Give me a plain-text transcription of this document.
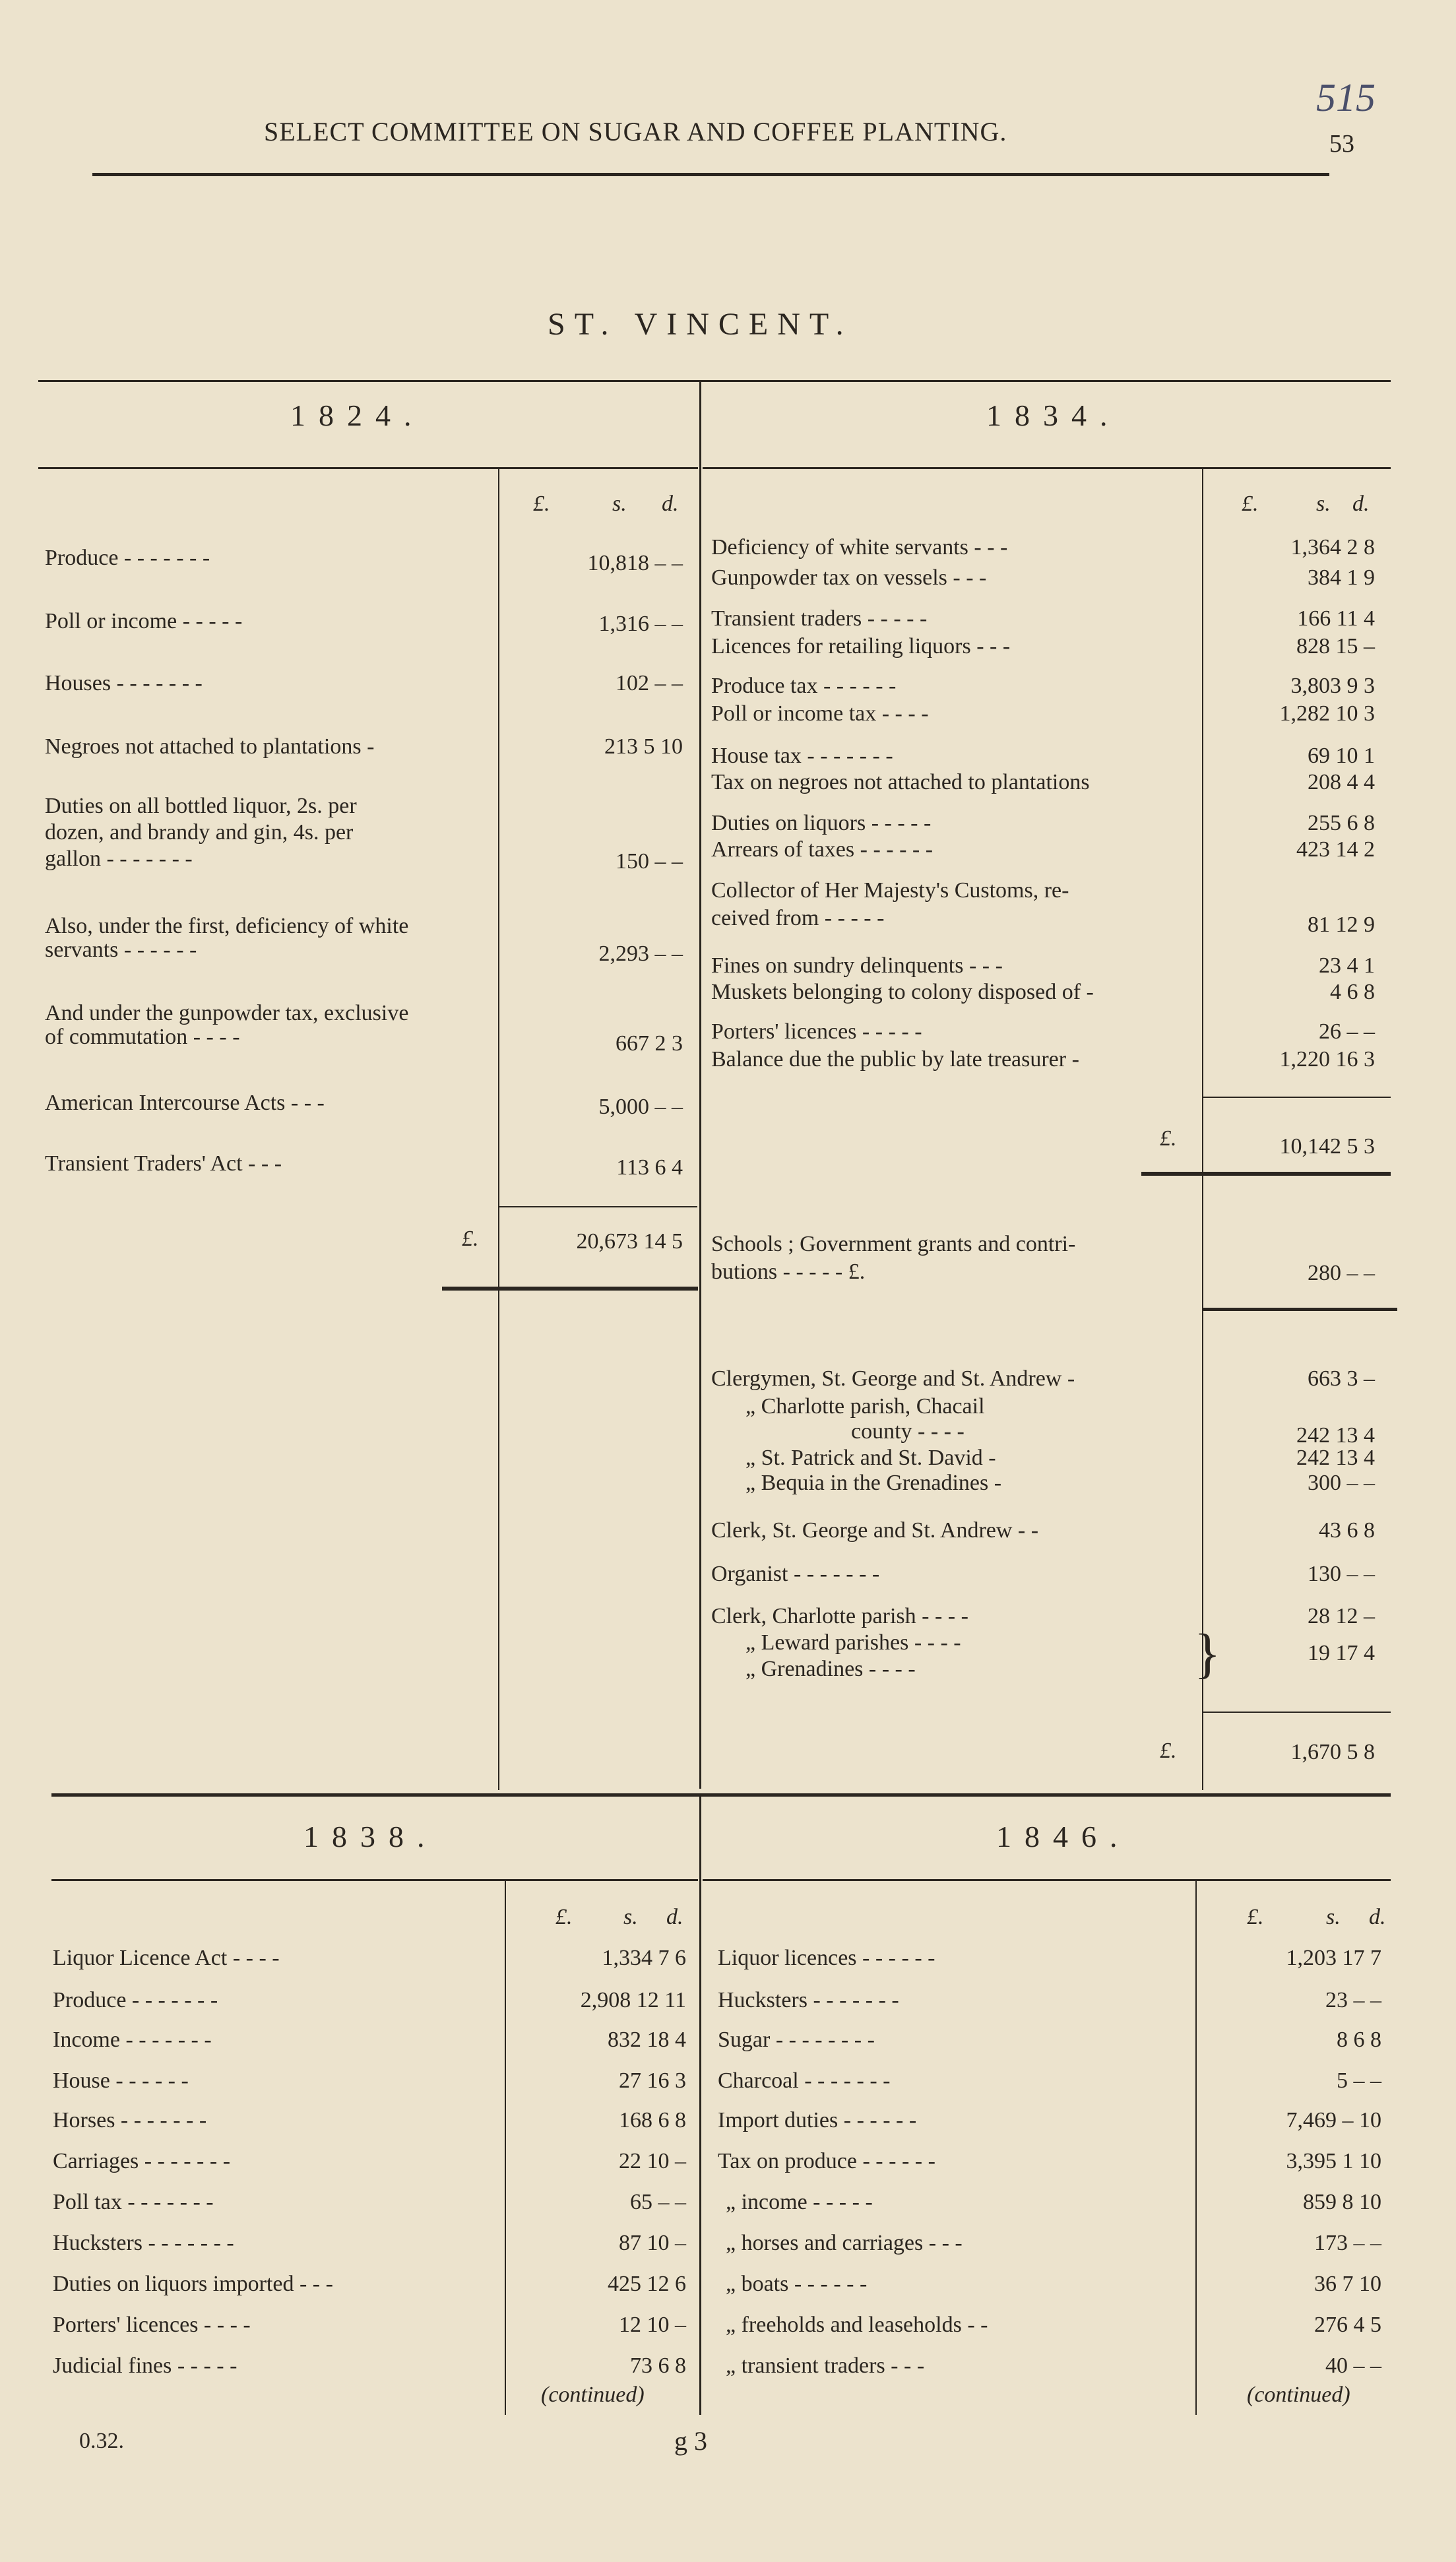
SELECT COMMITTEE ON SUGAR AND COFFEE PLANTING.	53
515
ST. VINCENT.
1824.
£.	s. d.
Produce - - - - - - -	10,818 – –
Poll or income - - - - -	1,316 – –
Houses - - - - - - -	102 – –
Negroes not attached to plantations -	213 5 10
Duties on all bottled liquor, 2s. per
dozen, and brandy and gin, 4s. per
gallon - - - - - - -	150 – –
Also, under the first, deficiency of white
servants - - - - - -	2,293 – –
And under the gunpowder tax, exclusive
of commutation - - - -	667 2 3
American Intercourse Acts - - -	5,000 – –
Transient Traders' Act - - -	113 6 4
£.	20,673 14 5
1834.
£.	s. d.
Deficiency of white servants - - -	1,364 2 8
Gunpowder tax on vessels - - -	384 1 9
Transient traders - - - - -	166 11 4
Licences for retailing liquors - - -	828 15 –
Produce tax - - - - - -	3,803 9 3
Poll or income tax - - - -	1,282 10 3
House tax - - - - - - -	69 10 1
Tax on negroes not attached to plantations	208 4 4
Duties on liquors - - - - -	255 6 8
Arrears of taxes - - - - - -	423 14 2
Collector of Her Majesty's Customs, re-
ceived from - - - - -	81 12 9
Fines on sundry delinquents - - -	23 4 1
Muskets belonging to colony disposed of -	4 6 8
Porters' licences - - - - -	26 – –
Balance due the public by late treasurer -	1,220 16 3
£.	10,142 5 3
Schools ; Government grants and contri-
butions - - - - - £.	280 – –
Clergymen, St. George and St. Andrew -	663 3 –
„ Charlotte parish, Chacail
county - - - -	242 13 4
„ St. Patrick and St. David -	242 13 4
„ Bequia in the Grenadines -	300 – –
Clerk, St. George and St. Andrew - -	43 6 8
Organist - - - - - - -	130 – –
Clerk, Charlotte parish - - - -	28 12 –
„ Leward parishes - - - -
„ Grenadines - - - -	}	19 17 4
£.	1,670 5 8
1838.	1846.
£. s. d.	£.	s. d.
Liquor Licence Act - - - -	1,334 7 6
Produce - - - - - - -	2,908 12 11
Income - - - - - - -	832 18 4
House - - - - - -	27 16 3
Horses - - - - - - -	168 6 8
Carriages - - - - - - -	22 10 –
Poll tax - - - - - - -	65 – –
Hucksters - - - - - - -	87 10 –
Duties on liquors imported - - -	425 12 6
Porters' licences - - - -	12 10 –
Judicial fines - - - - -	73 6 8
(continued)
Liquor licences - - - - - -	1,203 17 7
Hucksters - - - - - - -	23 – –
Sugar - - - - - - - -	8 6 8
Charcoal - - - - - - -	5 – –
Import duties - - - - - -	7,469 – 10
Tax on produce - - - - - -	3,395 1 10
„ income - - - - -	859 8 10
„ horses and carriages - - -	173 – –
„ boats - - - - - -	36 7 10
„ freeholds and leaseholds - -	276 4 5
„ transient traders - - -	40 – –
(continued)
0.32.	g 3
